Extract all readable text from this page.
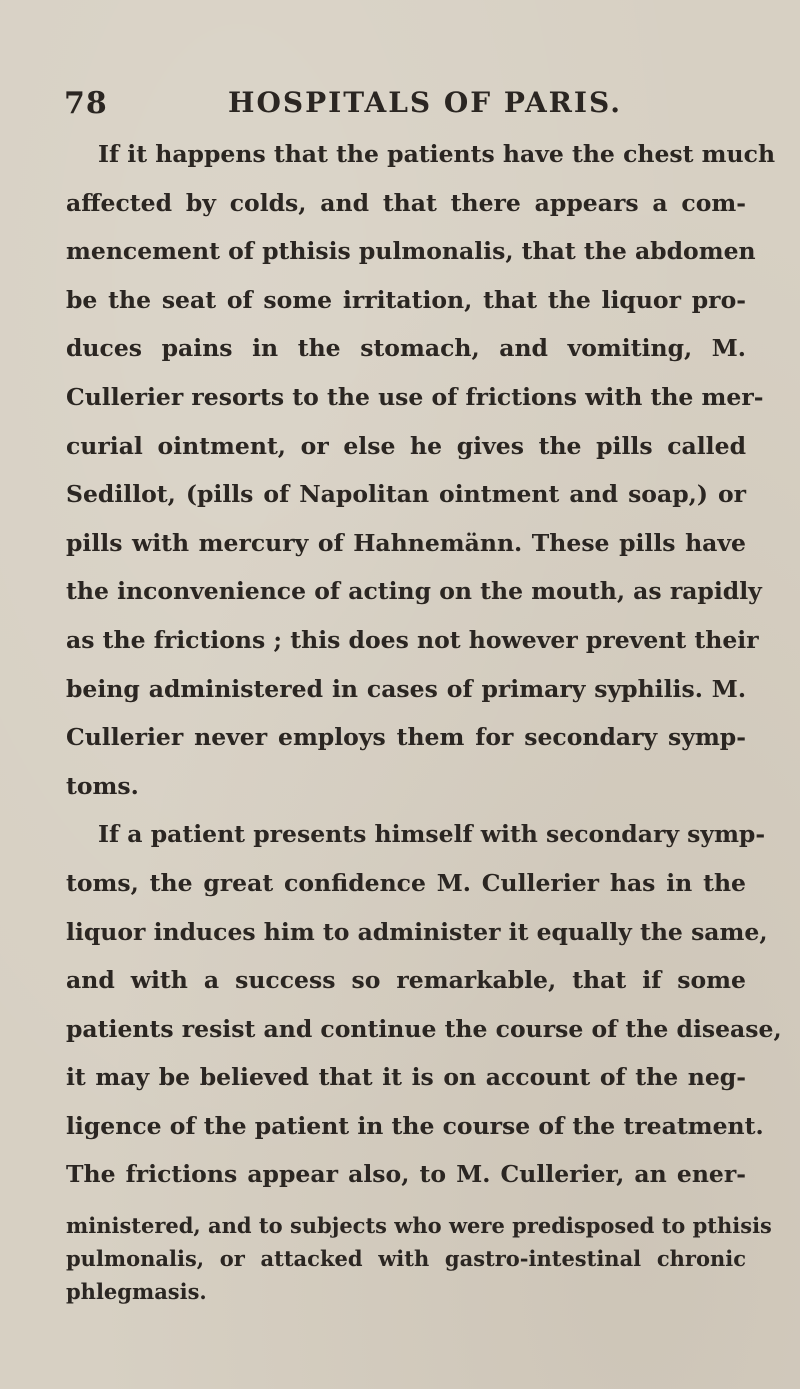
78	HOSPITALS OF PARIS.
If it happens that the patients have the chest much
affected by colds, and that there appears a com-
mencement of pthisis pulmonalis, that the abdomen
be the seat of some irritation, that the liquor pro-
duces pains in the stomach, and vomiting, M.
Cullerier resorts to the use of frictions with the mer-
curial ointment, or else he gives the pills called
Sedillot, (pills of Napolitan ointment and soap,) or
pills with mercury of Hahnemänn. These pills have
the inconvenience of acting on the mouth, as rapidly
as the frictions ; this does not however prevent their
being administered in cases of primary syphilis. M.
Cullerier never employs them for secondary symp-
toms.
If a patient presents himself with secondary symp-
toms, the great confidence M. Cullerier has in the
liquor induces him to administer it equally the same,
and with a success so remarkable, that if some
patients resist and continue the course of the disease,
it may be believed that it is on account of the neg-
ligence of the patient in the course of the treatment.
The frictions appear also, to M. Cullerier, an ener-
ministered, and to subjects who were predisposed to pthisis
pulmonalis, or attacked with gastro-intestinal chronic
phlegmasis.
